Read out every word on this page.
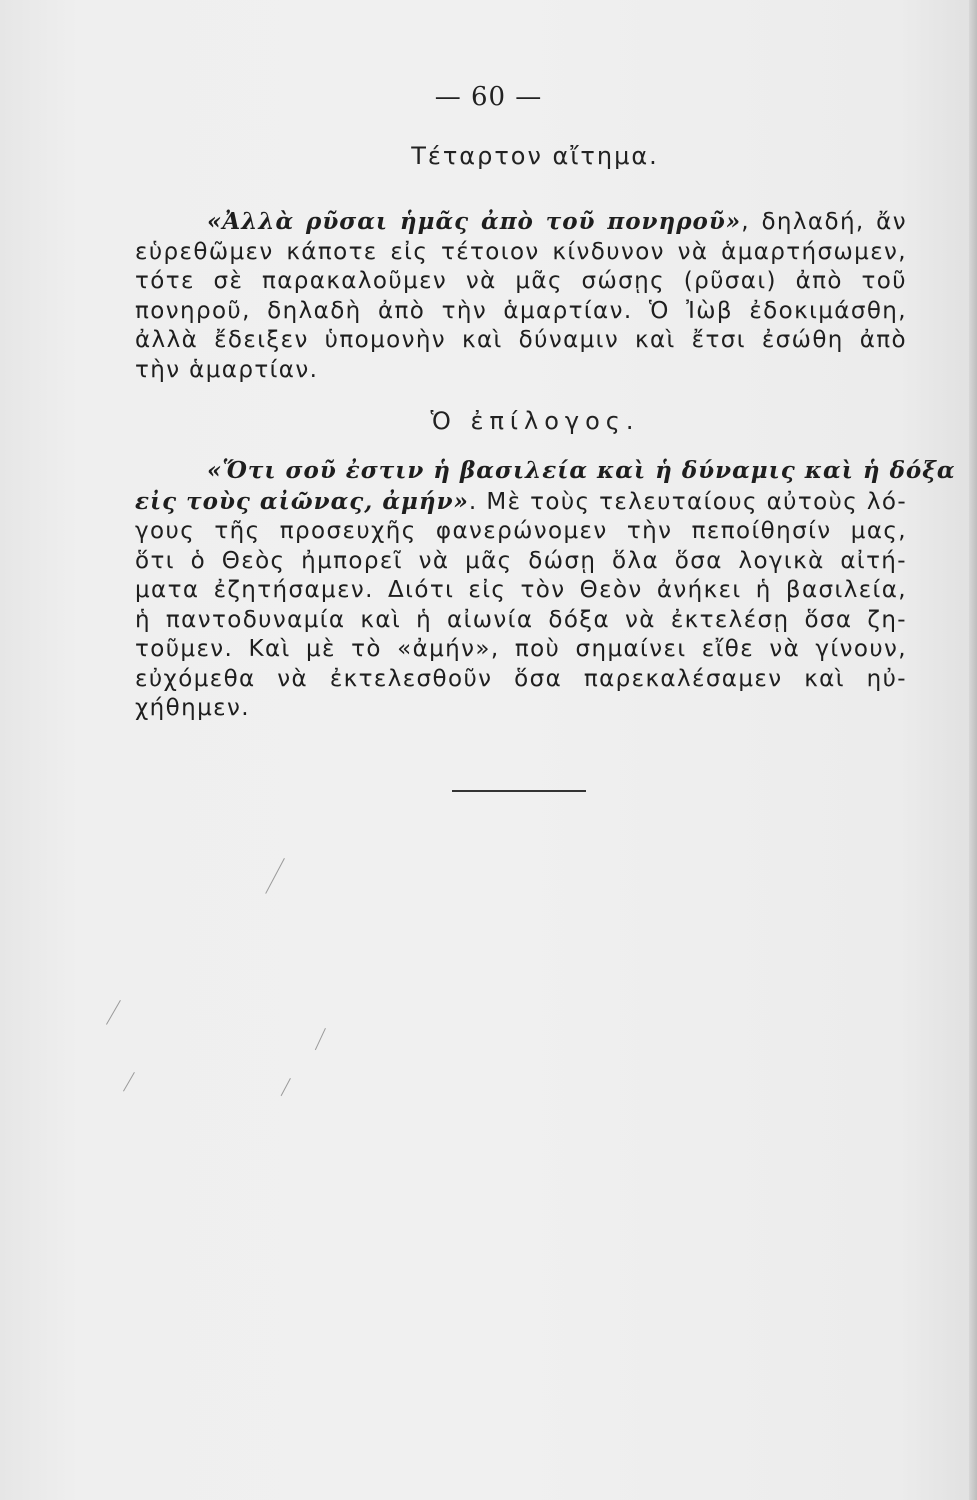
— 60 —
Τέταρτον αἴτημα.
«Ἀλλὰ ρῦσαι ἡμᾶς ἀπὸ τοῦ πονηροῦ», δηλαδή, ἄν
εὑρεθῶμεν κάποτε εἰς τέτοιον κίνδυνον νὰ ἁμαρτήσωμεν,
τότε σὲ παρακαλοῦμεν νὰ μᾶς σώσῃς (ρῦσαι) ἀπὸ τοῦ
πονηροῦ, δηλαδὴ ἀπὸ τὴν ἁμαρτίαν. Ὁ Ἰὼβ ἐδοκιμάσθη,
ἀλλὰ ἔδειξεν ὑπομονὴν καὶ δύναμιν καὶ ἔτσι ἐσώθη ἀπὸ
τὴν ἁμαρτίαν.
Ὁ ἐπίλογος.
«Ὅτι σοῦ ἐστιν ἡ βασιλεία καὶ ἡ δύναμις καὶ ἡ δόξα
εἰς τοὺς αἰῶνας, ἀμήν». Μὲ τοὺς τελευταίους αὐτοὺς λό-
γους τῆς προσευχῆς φανερώνομεν τὴν πεποίθησίν μας,
ὅτι ὁ Θεὸς ἠμπορεῖ νὰ μᾶς δώσῃ ὅλα ὅσα λογικὰ αἰτή-
ματα ἐζητήσαμεν. Διότι εἰς τὸν Θεὸν ἀνήκει ἡ βασιλεία,
ἡ παντοδυναμία καὶ ἡ αἰωνία δόξα νὰ ἐκτελέσῃ ὅσα ζη-
τοῦμεν. Καὶ μὲ τὸ «ἀμήν», ποὺ σημαίνει εἴθε νὰ γίνουν,
εὐχόμεθα νὰ ἐκτελεσθοῦν ὅσα παρεκαλέσαμεν καὶ ηὐ-
χήθημεν.
